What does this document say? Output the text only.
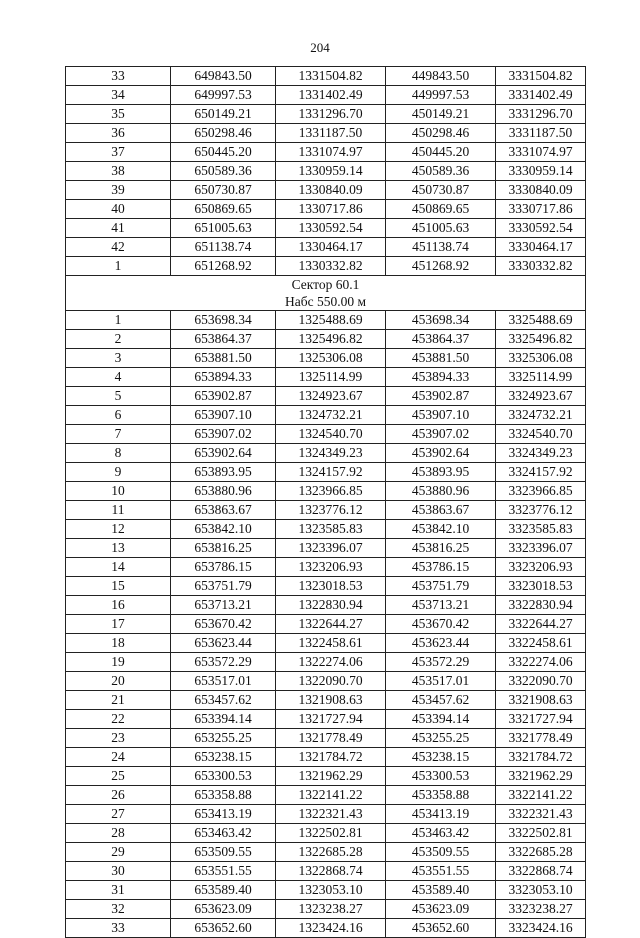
204
33	649843.50	1331504.82	449843.50	3331504.82
34	649997.53	1331402.49	449997.53	3331402.49
35	650149.21	1331296.70	450149.21	3331296.70
36	650298.46	1331187.50	450298.46	3331187.50
37	650445.20	1331074.97	450445.20	3331074.97
38	650589.36	1330959.14	450589.36	3330959.14
39	650730.87	1330840.09	450730.87	3330840.09
40	650869.65	1330717.86	450869.65	3330717.86
41	651005.63	1330592.54	451005.63	3330592.54
42	651138.74	1330464.17	451138.74	3330464.17
1	651268.92	1330332.82	451268.92	3330332.82

Сектор 60.1
Набс 550.00 м				

1	653698.34	1325488.69	453698.34	3325488.69
2	653864.37	1325496.82	453864.37	3325496.82
3	653881.50	1325306.08	453881.50	3325306.08
4	653894.33	1325114.99	453894.33	3325114.99
5	653902.87	1324923.67	453902.87	3324923.67
6	653907.10	1324732.21	453907.10	3324732.21
7	653907.02	1324540.70	453907.02	3324540.70
8	653902.64	1324349.23	453902.64	3324349.23
9	653893.95	1324157.92	453893.95	3324157.92
10	653880.96	1323966.85	453880.96	3323966.85
11	653863.67	1323776.12	453863.67	3323776.12
12	653842.10	1323585.83	453842.10	3323585.83
13	653816.25	1323396.07	453816.25	3323396.07
14	653786.15	1323206.93	453786.15	3323206.93
15	653751.79	1323018.53	453751.79	3323018.53
16	653713.21	1322830.94	453713.21	3322830.94
17	653670.42	1322644.27	453670.42	3322644.27
18	653623.44	1322458.61	453623.44	3322458.61
19	653572.29	1322274.06	453572.29	3322274.06
20	653517.01	1322090.70	453517.01	3322090.70
21	653457.62	1321908.63	453457.62	3321908.63
22	653394.14	1321727.94	453394.14	3321727.94
23	653255.25	1321778.49	453255.25	3321778.49
24	653238.15	1321784.72	453238.15	3321784.72
25	653300.53	1321962.29	453300.53	3321962.29
26	653358.88	1322141.22	453358.88	3322141.22
27	653413.19	1322321.43	453413.19	3322321.43
28	653463.42	1322502.81	453463.42	3322502.81
29	653509.55	1322685.28	453509.55	3322685.28
30	653551.55	1322868.74	453551.55	3322868.74
31	653589.40	1323053.10	453589.40	3323053.10
32	653623.09	1323238.27	453623.09	3323238.27
33	653652.60	1323424.16	453652.60	3323424.16
